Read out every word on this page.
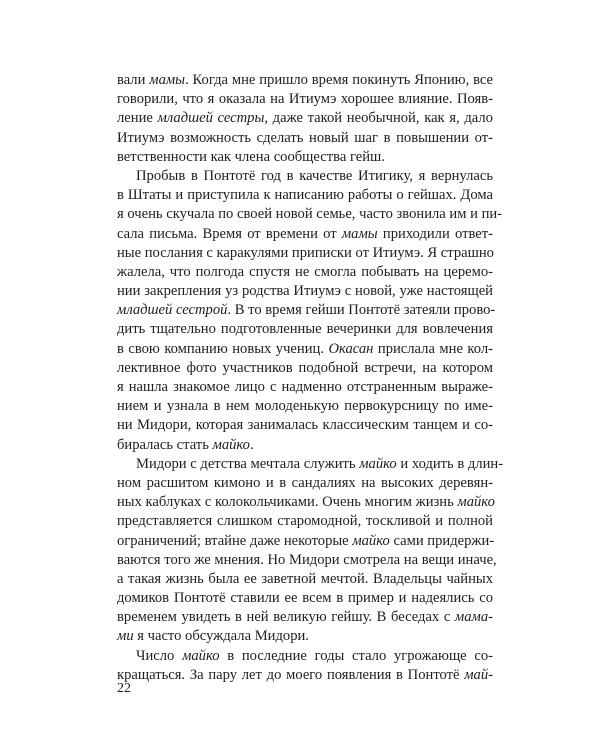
вали мамы. Когда мне пришло время покинуть Японию, все
говорили, что я оказала на Итиумэ хорошее влияние. Появ-
ление младшей сестры, даже такой необычной, как я, дало
Итиумэ возможность сделать новый шаг в повышении от-
ветственности как члена сообщества гейш.
Пробыв в Понтотё год в качестве Итигику, я вернулась
в Штаты и приступила к написанию работы о гейшах. Дома
я очень скучала по своей новой семье, часто звонила им и пи-
сала письма. Время от времени от мамы приходили ответ-
ные послания с каракулями приписки от Итиумэ. Я страшно
жалела, что полгода спустя не смогла побывать на церемо-
нии закрепления уз родства Итиумэ с новой, уже настоящей
младшей сестрой. В то время гейши Понтотё затеяли прово-
дить тщательно подготовленные вечеринки для вовлечения
в свою компанию новых учениц. Окасан прислала мне кол-
лективное фото участников подобной встречи, на котором
я нашла знакомое лицо с надменно отстраненным выраже-
нием и узнала в нем молоденькую первокурсницу по име-
ни Мидори, которая занималась классическим танцем и со-
биралась стать майко.
Мидори с детства мечтала служить майко и ходить в длин-
ном расшитом кимоно и в сандалиях на высоких деревян-
ных каблуках с колокольчиками. Очень многим жизнь майко
представляется слишком старомодной, тоскливой и полной
ограничений; втайне даже некоторые майко сами придержи-
ваются того же мнения. Но Мидори смотрела на вещи иначе,
а такая жизнь была ее заветной мечтой. Владельцы чайных
домиков Понтотё ставили ее всем в пример и надеялись со
временем увидеть в ней великую гейшу. В беседах с мама-
ми я часто обсуждала Мидори.
Число майко в последние годы стало угрожающе со-
кращаться. За пару лет до моего появления в Понтотё май-
22
